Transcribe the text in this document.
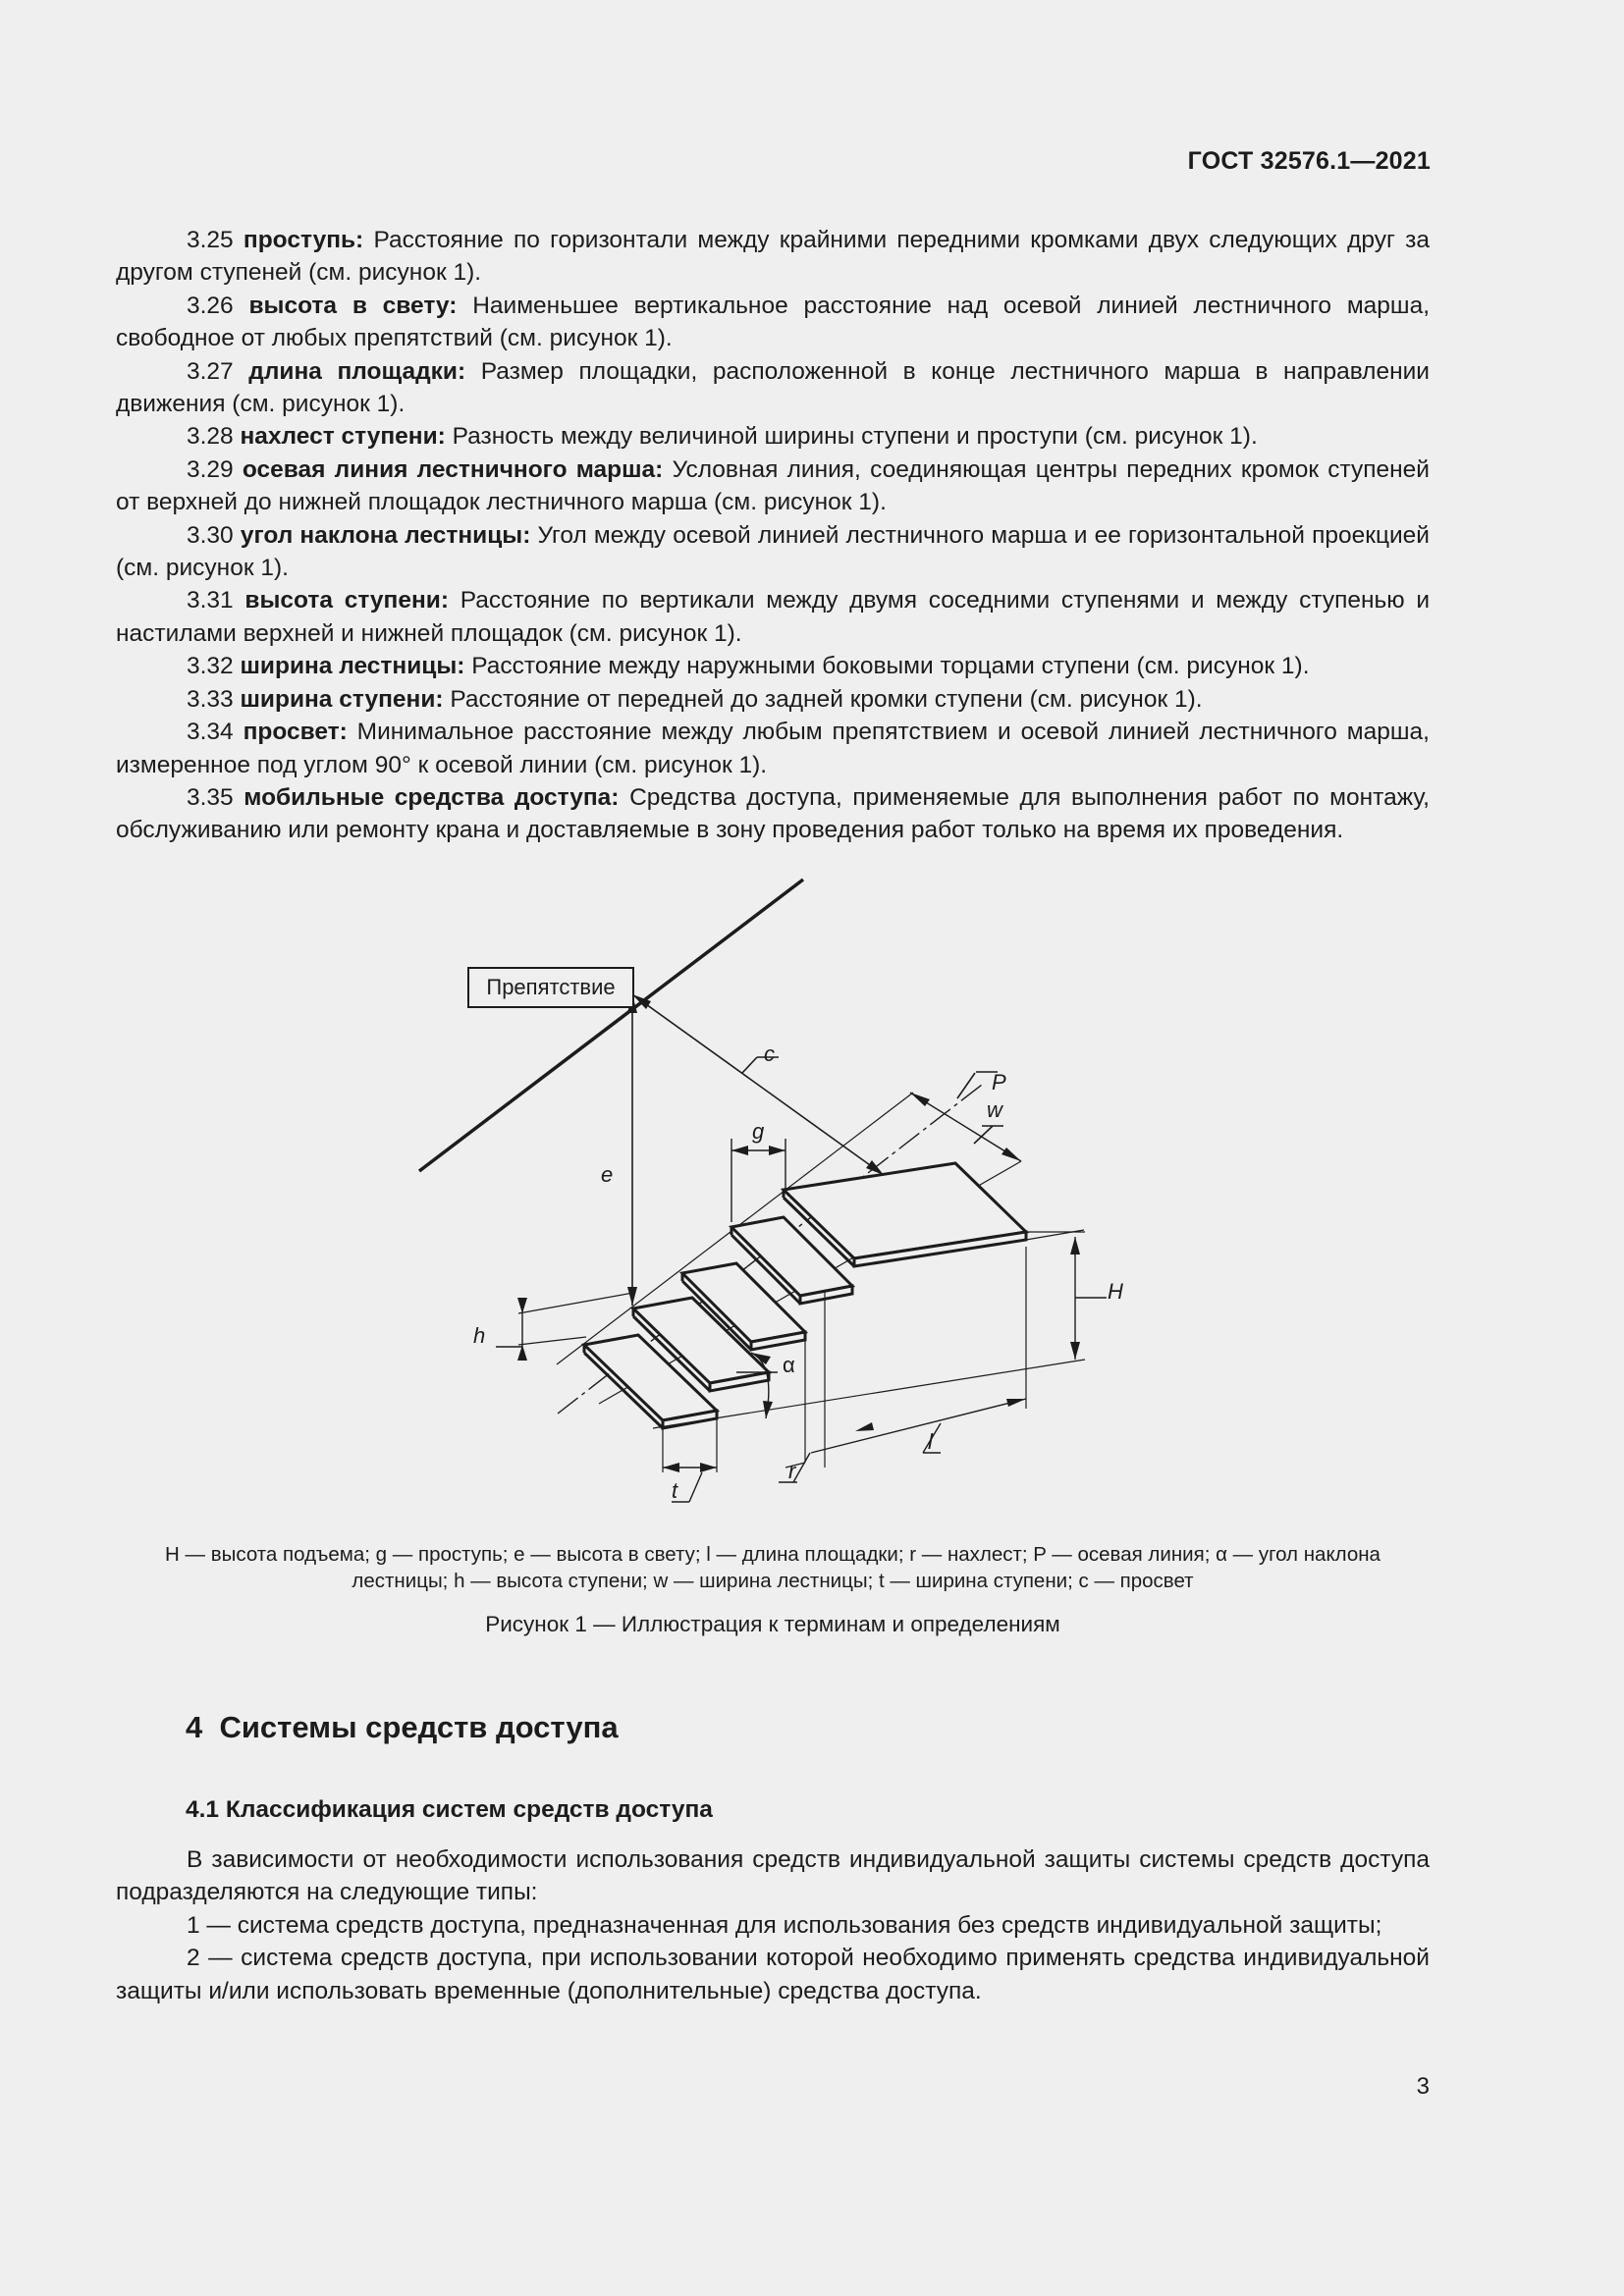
ГОСТ 32576.1—2021

3.25 проступь: Расстояние по горизонтали между крайними передними кромками двух следующих друг за другом ступеней (см. рисунок 1).

3.26 высота в свету: Наименьшее вертикальное расстояние над осевой линией лестничного марша, свободное от любых препятствий (см. рисунок 1).

3.27 длина площадки: Размер площадки, расположенной в конце лестничного марша в направлении движения (см. рисунок 1).

3.28 нахлест ступени: Разность между величиной ширины ступени и проступи (см. рисунок 1).

3.29 осевая линия лестничного марша: Условная линия, соединяющая центры передних кромок ступеней от верхней до нижней площадок лестничного марша (см. рисунок 1).

3.30 угол наклона лестницы: Угол между осевой линией лестничного марша и ее горизонтальной проекцией (см. рисунок 1).

3.31 высота ступени: Расстояние по вертикали между двумя соседними ступенями и между ступенью и настилами верхней и нижней площадок (см. рисунок 1).

3.32 ширина лестницы: Расстояние между наружными боковыми торцами ступени (см. рисунок 1).

3.33 ширина ступени: Расстояние от передней до задней кромки ступени (см. рисунок 1).

3.34 просвет: Минимальное расстояние между любым препятствием и осевой линией лестничного марша, измеренное под углом 90° к осевой линии (см. рисунок 1).

3.35 мобильные средства доступа: Средства доступа, применяемые для выполнения работ по монтажу, обслуживанию или ремонту крана и доставляемые в зону проведения работ только на время их проведения.

Препятствие
c
P
w
g
e
H
h
α
l
r
t
H — высота подъема; g — проступь; e — высота в свету; l — длина площадки; r — нахлест; P — осевая линия; α — угол наклона
лестницы; h — высота ступени; w — ширина лестницы; t — ширина ступени; c — просвет
Рисунок 1 — Иллюстрация к терминам и определениям
4  Системы средств доступа
4.1 Классификация систем средств доступа

В зависимости от необходимости использования средств индивидуальной защиты системы средств доступа подразделяются на следующие типы:

1 — система средств доступа, предназначенная для использования без средств индивидуальной защиты;

2 — система средств доступа, при использовании которой необходимо применять средства индивидуальной защиты и/или использовать временные (дополнительные) средства доступа.

3
